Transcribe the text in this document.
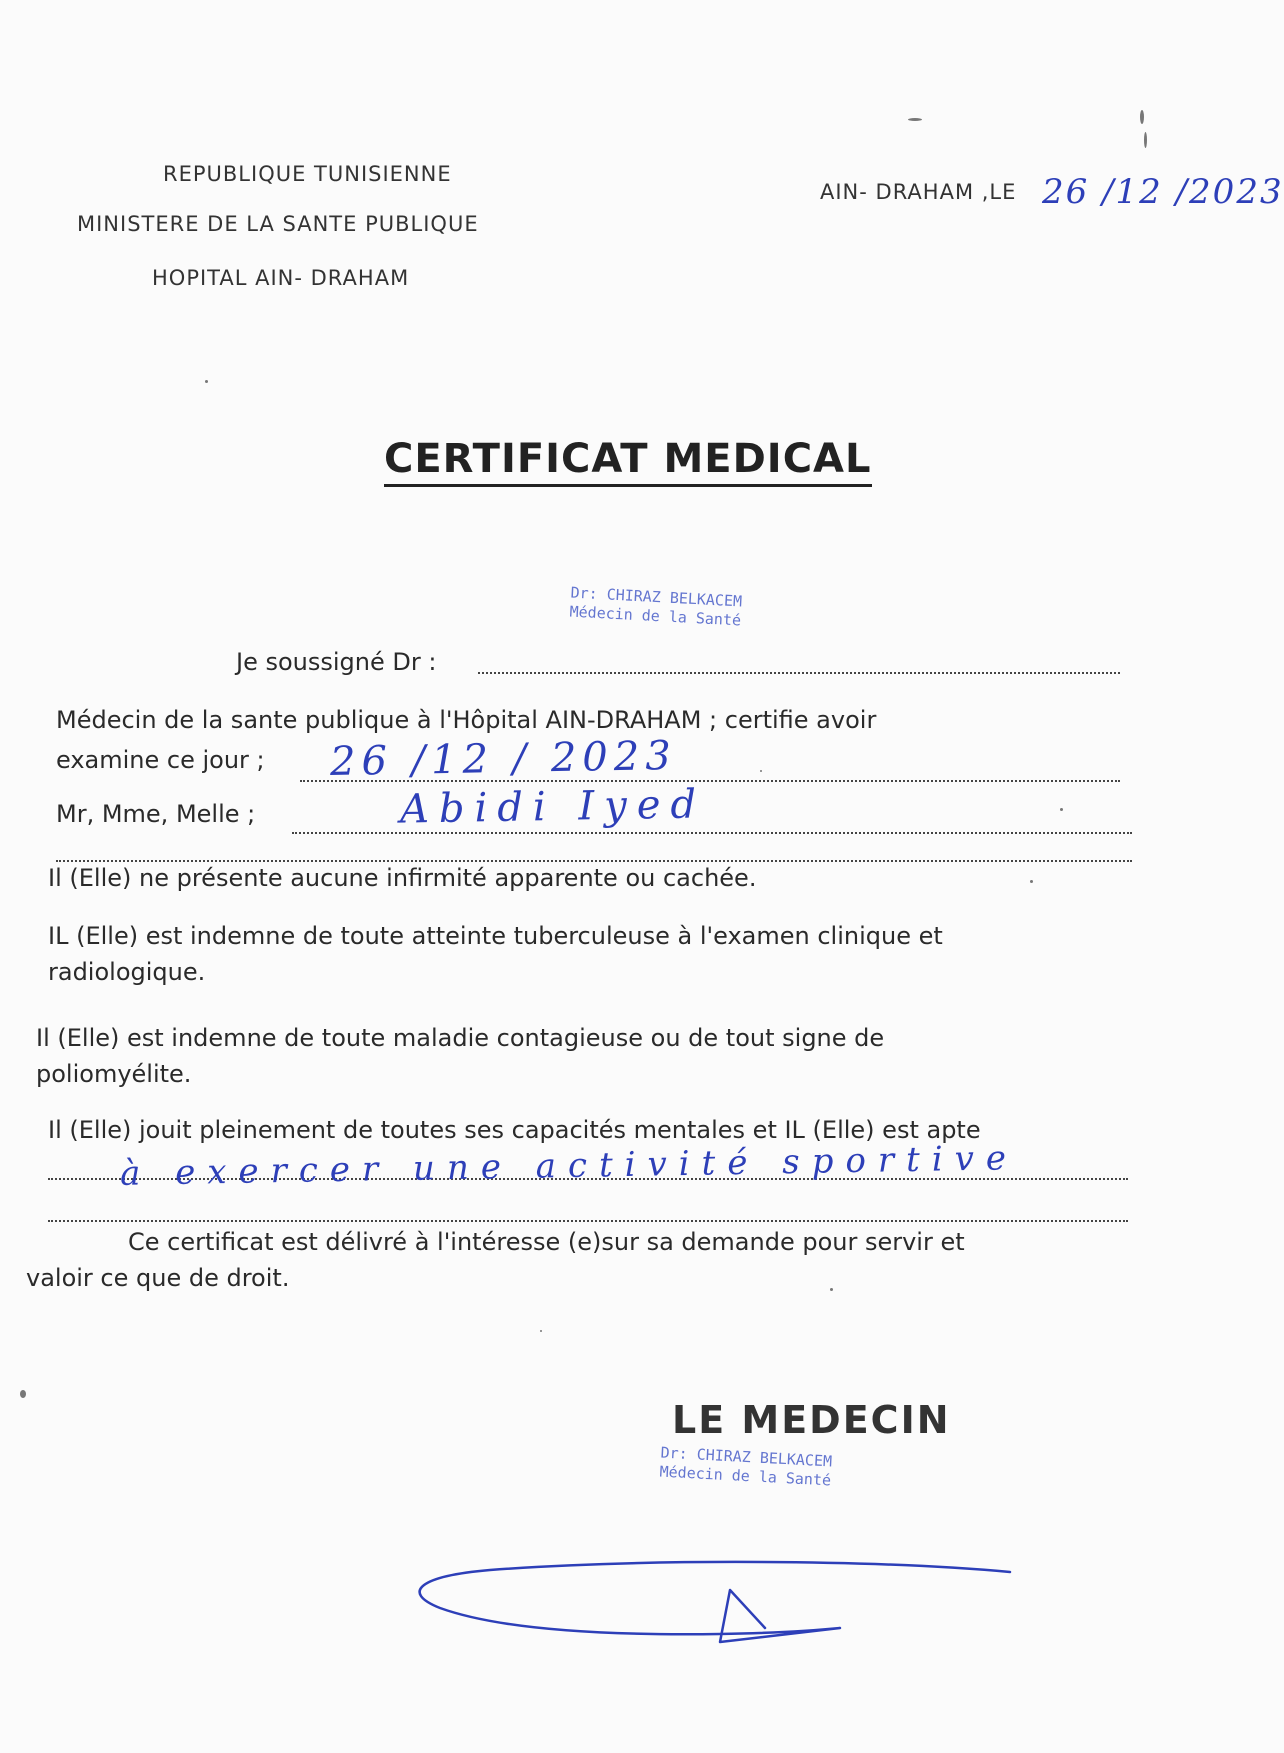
REPUBLIQUE TUNISIENNE
MINISTERE DE LA SANTE PUBLIQUE
HOPITAL AIN- DRAHAM
AIN- DRAHAM ,LE 26 /12 /2023
CERTIFICAT MEDICAL
Dr: CHIRAZ BELKACEM
Médecin de la Santé
Je soussigné Dr :
Médecin de la sante publique à l'Hôpital AIN-DRAHAM ; certifie avoir
examine ce jour ; 26 /12 / 2023
Mr, Mme, Melle ;	Abidi Iyed
Il (Elle) ne présente aucune infirmité apparente ou cachée.
IL (Elle) est indemne de toute atteinte tuberculeuse à l'examen clinique et
radiologique.
Il (Elle) est indemne de toute maladie contagieuse ou de tout signe de
poliomyélite.
Il (Elle) jouit pleinement de toutes ses capacités mentales et IL (Elle) est apte
à exercer une activité sportive
Ce certificat est délivré à l'intéresse (e)sur sa demande pour servir et
valoir ce que de droit.
LE MEDECIN
Dr: CHIRAZ BELKACEM
Médecin de la Santé
